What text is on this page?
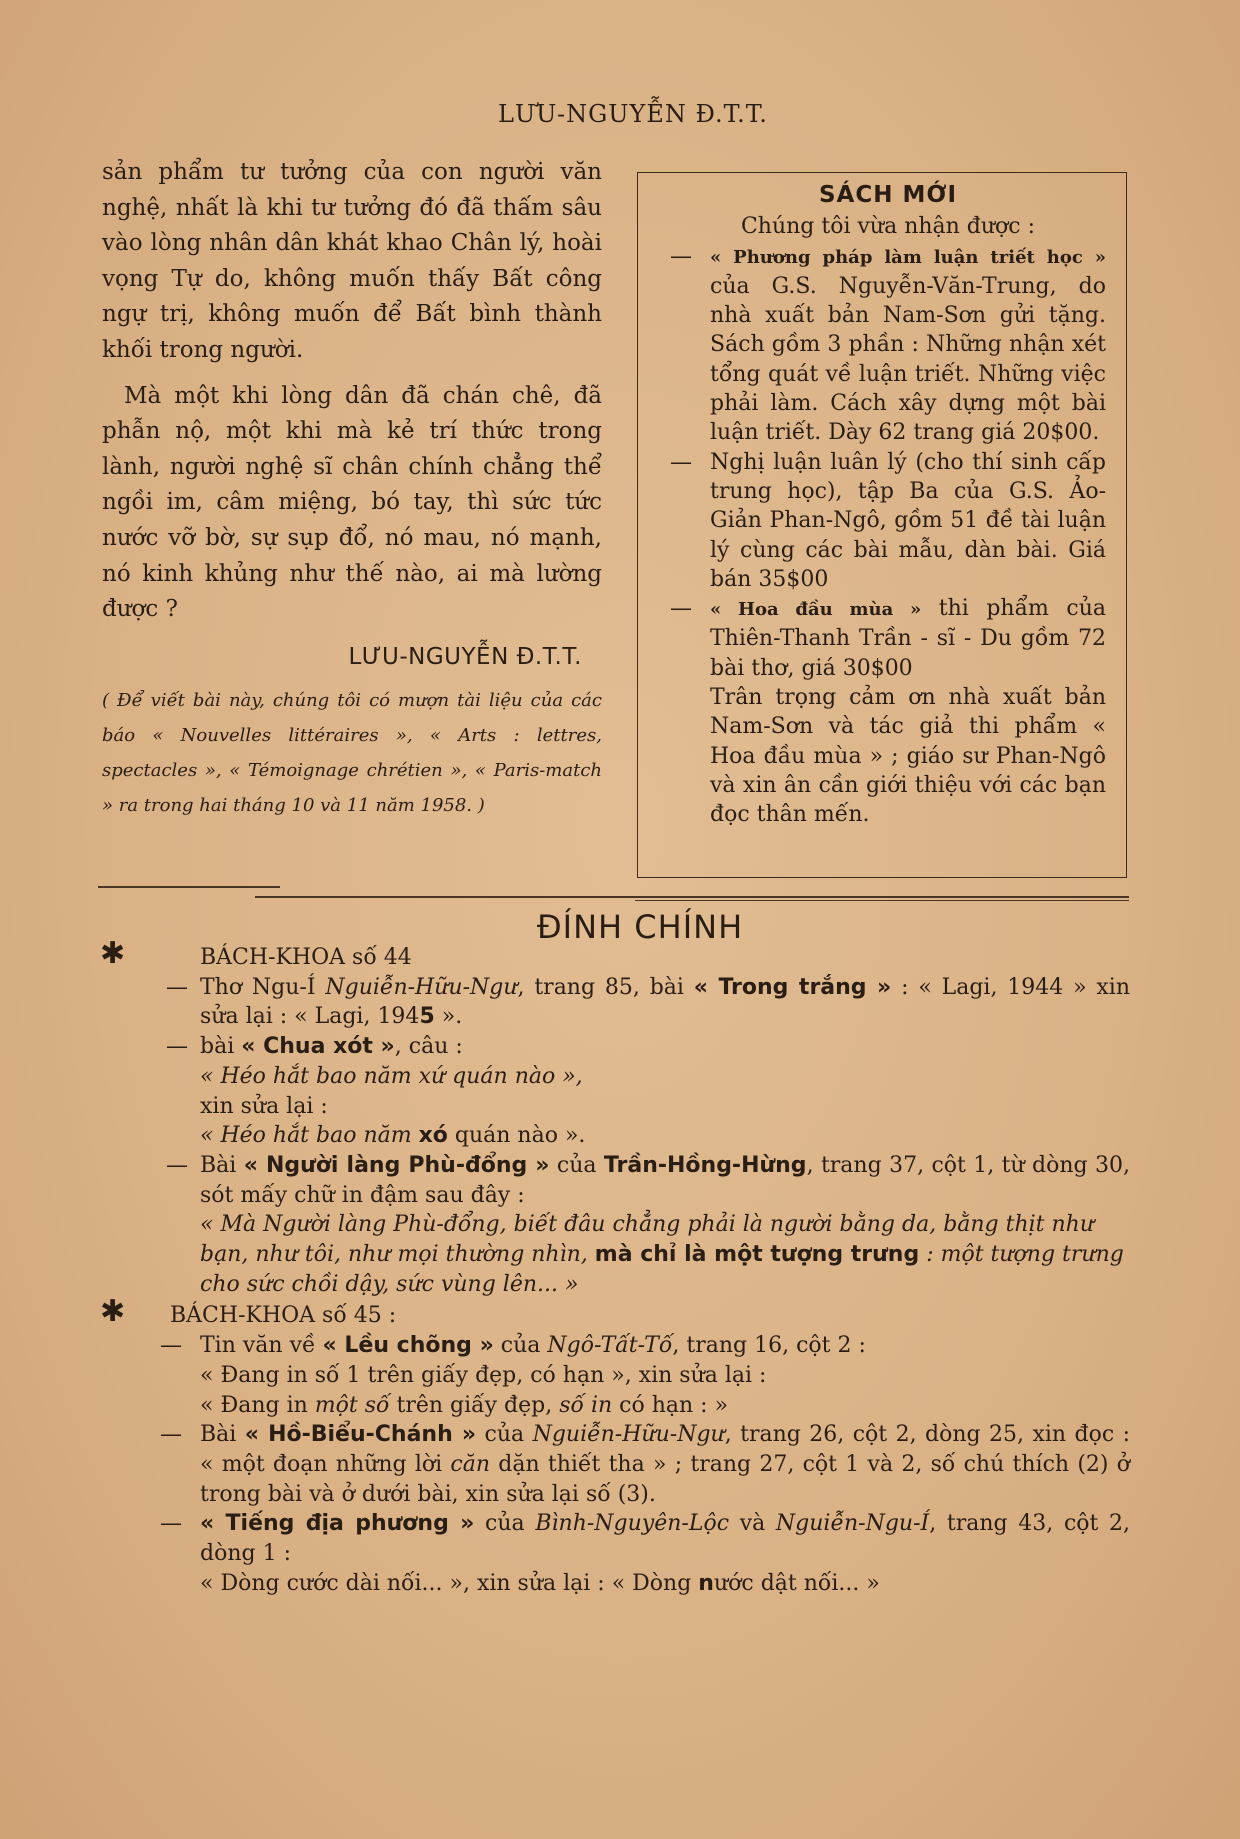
LƯU-NGUYỄN Đ.T.T.

sản phẩm tư tưởng của con người văn nghệ, nhất là khi tư tưởng đó đã thấm sâu vào lòng nhân dân khát khao Chân lý, hoài vọng Tự do, không muốn thấy Bất công ngự trị, không muốn để Bất bình thành khối trong người.

Mà một khi lòng dân đã chán chê, đã phẫn nộ, một khi mà kẻ trí thức trong lành, người nghệ sĩ chân chính chẳng thể ngồi im, câm miệng, bó tay, thì sức tức nước vỡ bờ, sự sụp đổ, nó mau, nó mạnh, nó kinh khủng như thế nào, ai mà lường được ?

LƯU-NGUYỄN Đ.T.T.

( Để viết bài này, chúng tôi có mượn tài liệu của các báo « Nouvelles littéraires », « Arts : lettres, spectacles », « Témoignage chrétien », « Paris-match » ra trong hai tháng 10 và 11 năm 1958. )

SÁCH MỚI

Chúng tôi vừa nhận được :

— « Phương pháp làm luận triết học » của G.S. Nguyễn-Văn-Trung, do nhà xuất bản Nam-Sơn gửi tặng. Sách gồm 3 phần : Những nhận xét tổng quát về luận triết. Những việc phải làm. Cách xây dựng một bài luận triết. Dày 62 trang giá 20$00.

— Nghị luận luân lý (cho thí sinh cấp trung học), tập Ba của G.S. Ảo-Giản Phan-Ngô, gồm 51 đề tài luận lý cùng các bài mẫu, dàn bài. Giá bán 35$00

— « Hoa đầu mùa » thi phẩm của Thiên-Thanh Trần - sĩ - Du gồm 72 bài thơ, giá 30$00

Trân trọng cảm ơn nhà xuất bản Nam-Sơn và tác giả thi phẩm « Hoa đầu mùa » ; giáo sư Phan-Ngô và xin ân cần giới thiệu với các bạn đọc thân mến.

ĐÍNH CHÍNH

✱	BÁCH-KHOA số 44

— Thơ Ngu-Í Nguiễn-Hữu-Ngư, trang 85, bài « Trong trắng » : « Lagi, 1944 » xin sửa lại : « Lagi, 1945 ».

— bài « Chua xót », câu :

« Héo hắt bao năm xứ quán nào »,

xin sửa lại :

« Héo hắt bao năm xó quán nào ».

— Bài « Người làng Phù-đổng » của Trần-Hồng-Hừng, trang 37, cột 1, từ dòng 30, sót mấy chữ in đậm sau đây :

« Mà Người làng Phù-đổng, biết đâu chẳng phải là người bằng da, bằng thịt như bạn, như tôi, như mọi thường nhìn, mà chỉ là một tượng trưng : một tượng trưng cho sức chồi dậy, sức vùng lên... »

✱ BÁCH-KHOA số 45 :

— Tin văn về « Lều chõng » của Ngô-Tất-Tố, trang 16, cột 2 :

« Đang in số 1 trên giấy đẹp, có hạn », xin sửa lại :

« Đang in một số trên giấy đẹp, số in có hạn : »

— Bài « Hồ-Biểu-Chánh » của Nguiễn-Hữu-Ngư, trang 26, cột 2, dòng 25, xin đọc : « một đoạn những lời căn dặn thiết tha » ; trang 27, cột 1 và 2, số chú thích (2) ở trong bài và ở dưới bài, xin sửa lại số (3).

— « Tiếng địa phương » của Bình-Nguyên-Lộc và Nguiễn-Ngu-Í, trang 43, cột 2, dòng 1 :

« Dòng cước dài nối... », xin sửa lại : « Dòng nước dật nối... »
